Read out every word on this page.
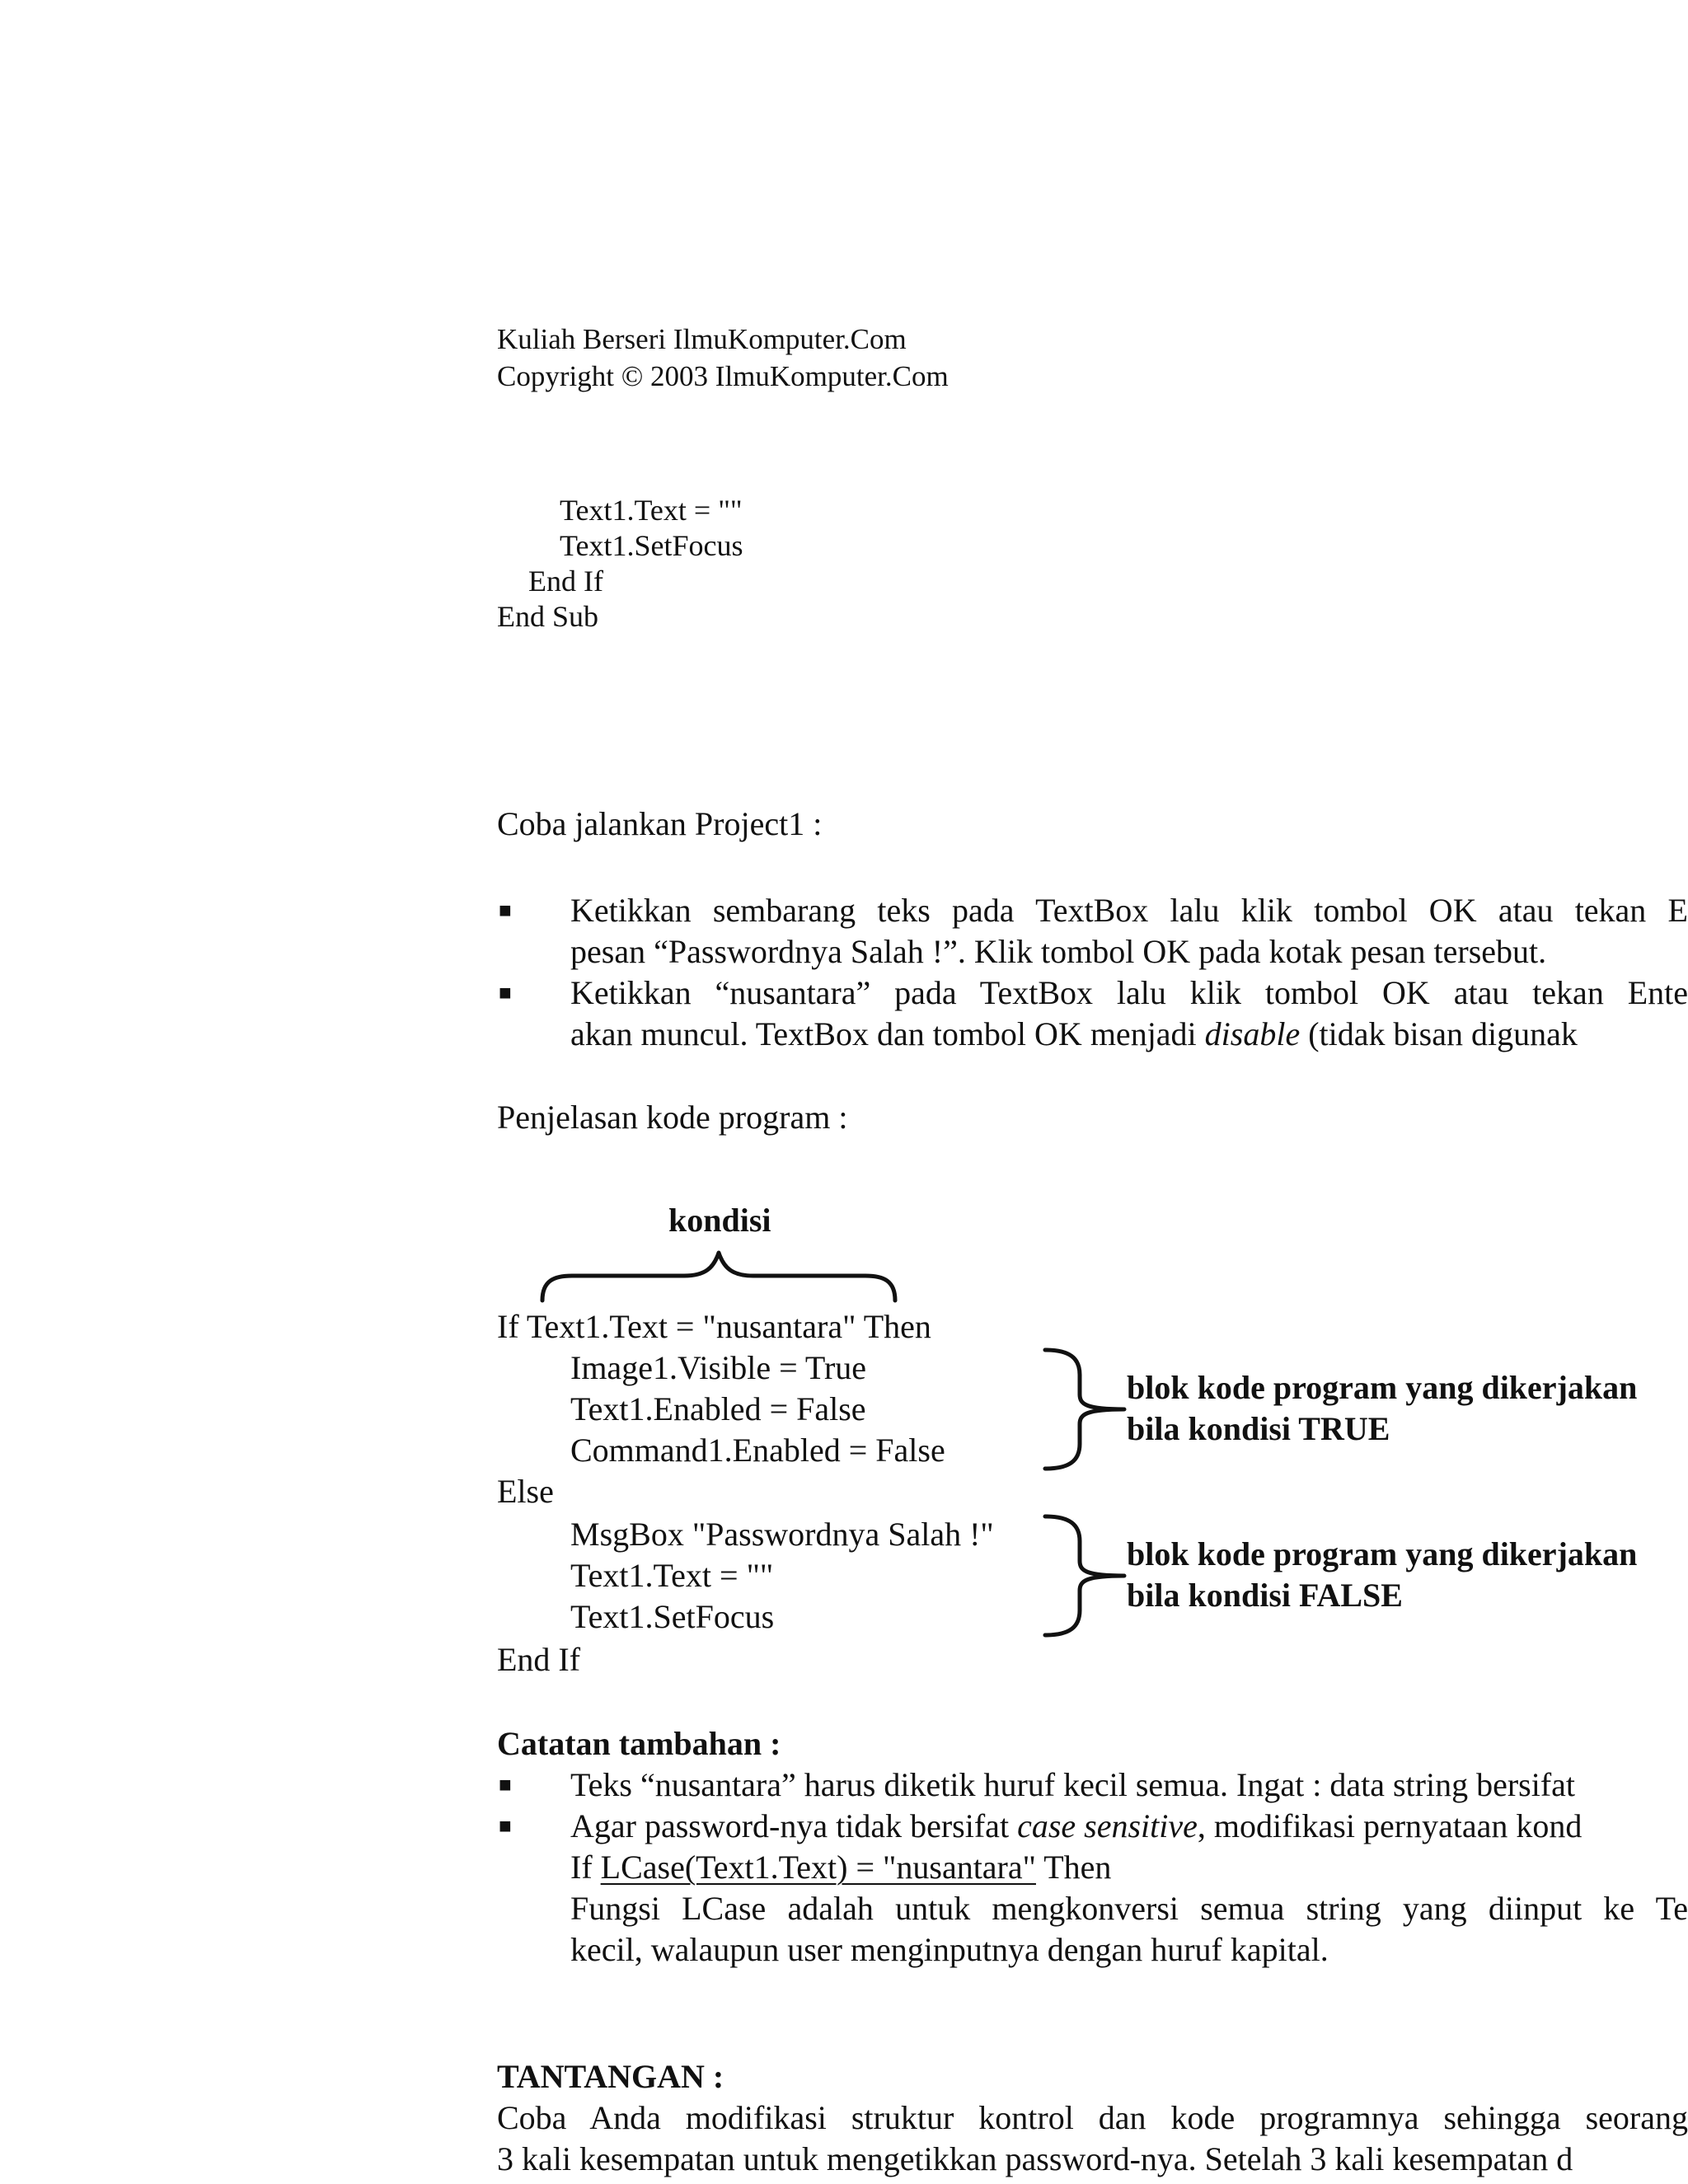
Kuliah Berseri IlmuKomputer.Com
Copyright © 2003 IlmuKomputer.Com
Text1.Text = ""
Text1.SetFocus
End If
End Sub
Coba jalankan Project1 :
■ Ketikkan sembarang teks pada TextBox lalu klik tombol OK atau tekan E
pesan “Passwordnya Salah !”. Klik tombol OK pada kotak pesan tersebut.
■ Ketikkan “nusantara” pada TextBox lalu klik tombol OK atau tekan Ente
akan muncul. TextBox dan tombol OK menjadi disable (tidak bisan digunak
Penjelasan kode program :
kondisi
If Text1.Text = "nusantara" Then
Image1.Visible = True
Text1.Enabled = False
Command1.Enabled = False
Else
MsgBox "Passwordnya Salah !"
Text1.Text = ""
Text1.SetFocus
End If
blok kode program yang dikerjakan
bila kondisi TRUE
blok kode program yang dikerjakan
bila kondisi FALSE
Catatan tambahan :
■ Teks “nusantara” harus diketik huruf kecil semua. Ingat : data string bersifat
■ Agar password-nya tidak bersifat case sensitive, modifikasi pernyataan kond
If LCase(Text1.Text) = "nusantara" Then
Fungsi LCase adalah untuk mengkonversi semua string yang diinput ke Te
kecil, walaupun user menginputnya dengan huruf kapital.
TANTANGAN :
Coba Anda modifikasi struktur kontrol dan kode programnya sehingga seorang
3 kali kesempatan untuk mengetikkan password-nya. Setelah 3 kali kesempatan d
